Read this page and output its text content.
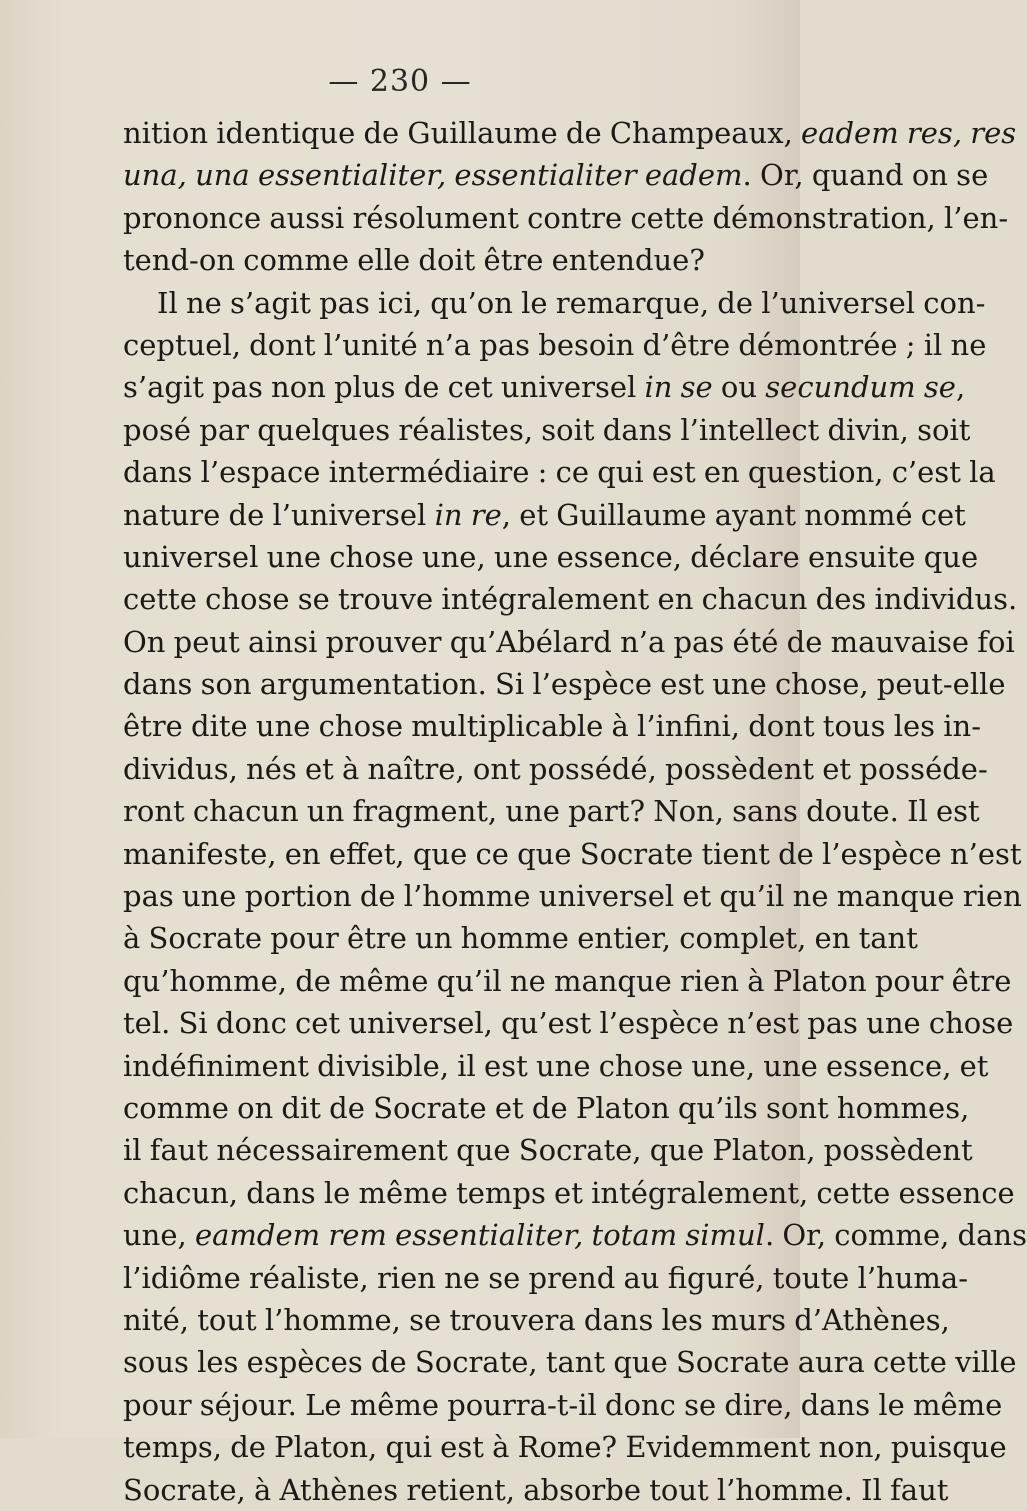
— 230 —
nition identique de Guillaume de Champeaux, eadem res, res
una, una essentialiter, essentialiter eadem. Or, quand on se
prononce aussi résolument contre cette démonstration, l’en-
tend-on comme elle doit être entendue?
Il ne s’agit pas ici, qu’on le remarque, de l’universel con-
ceptuel, dont l’unité n’a pas besoin d’être démontrée ; il ne
s’agit pas non plus de cet universel in se ou secundum se,
posé par quelques réalistes, soit dans l’intellect divin, soit
dans l’espace intermédiaire : ce qui est en question, c’est la
nature de l’universel in re, et Guillaume ayant nommé cet
universel une chose une, une essence, déclare ensuite que
cette chose se trouve intégralement en chacun des individus.
On peut ainsi prouver qu’Abélard n’a pas été de mauvaise foi
dans son argumentation. Si l’espèce est une chose, peut-elle
être dite une chose multiplicable à l’infini, dont tous les in-
dividus, nés et à naître, ont possédé, possèdent et posséde-
ront chacun un fragment, une part? Non, sans doute. Il est
manifeste, en effet, que ce que Socrate tient de l’espèce n’est
pas une portion de l’homme universel et qu’il ne manque rien
à Socrate pour être un homme entier, complet, en tant
qu’homme, de même qu’il ne manque rien à Platon pour être
tel. Si donc cet universel, qu’est l’espèce n’est pas une chose
indéfiniment divisible, il est une chose une, une essence, et
comme on dit de Socrate et de Platon qu’ils sont hommes,
il faut nécessairement que Socrate, que Platon, possèdent
chacun, dans le même temps et intégralement, cette essence
une, eamdem rem essentialiter, totam simul. Or, comme, dans
l’idiôme réaliste, rien ne se prend au figuré, toute l’huma-
nité, tout l’homme, se trouvera dans les murs d’Athènes,
sous les espèces de Socrate, tant que Socrate aura cette ville
pour séjour. Le même pourra-t-il donc se dire, dans le même
temps, de Platon, qui est à Rome? Evidemment non, puisque
Socrate, à Athènes retient, absorbe tout l’homme. Il faut
